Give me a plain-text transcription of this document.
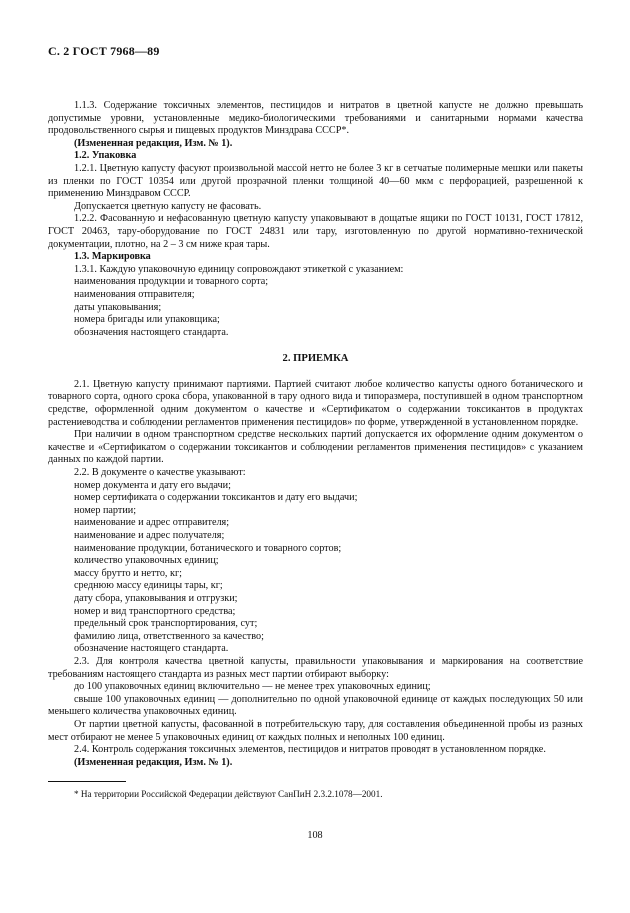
С. 2 ГОСТ 7968—89

1.1.3. Содержание токсичных элементов, пестицидов и нитратов в цветной капусте не должно превышать допустимые уровни, установленные медико-биологическими требованиями и санитарными нормами качества продовольственного сырья и пищевых продуктов Минздрава СССР*.

(Измененная редакция, Изм. № 1).

1.2. Упаковка

1.2.1. Цветную капусту фасуют произвольной массой нетто не более 3 кг в сетчатые полимерные мешки или пакеты из пленки по ГОСТ 10354 или другой прозрачной пленки толщиной 40—60 мкм с перфорацией, разрешенной к применению Минздравом СССР.

Допускается цветную капусту не фасовать.

1.2.2. Фасованную и нефасованную цветную капусту упаковывают в дощатые ящики по ГОСТ 10131, ГОСТ 17812, ГОСТ 20463, тару-оборудование по ГОСТ 24831 или тару, изготовленную по другой нормативно-технической документации, плотно, на 2 – 3 см ниже края тары.

1.3. Маркировка

1.3.1. Каждую упаковочную единицу сопровождают этикеткой с указанием:

наименования продукции и товарного сорта;

наименования отправителя;

даты упаковывания;

номера бригады или упаковщика;

обозначения настоящего стандарта.

2. ПРИЕМКА

2.1. Цветную капусту принимают партиями. Партией считают любое количество капусты одного ботанического и товарного сорта, одного срока сбора, упакованной в тару одного вида и типоразмера, поступившей в одном транспортном средстве, оформленной одним документом о качестве и «Сертификатом о содержании токсикантов в продуктах растениеводства и соблюдении регламентов применения пестицидов» по форме, утвержденной в установленном порядке.

При наличии в одном транспортном средстве нескольких партий допускается их оформление одним документом о качестве и «Сертификатом о содержании токсикантов и соблюдении регламентов применения пестицидов» с указанием данных по каждой партии.

2.2. В документе о качестве указывают:

номер документа и дату его выдачи;

номер сертификата о содержании токсикантов и дату его выдачи;

номер партии;

наименование и адрес отправителя;

наименование и адрес получателя;

наименование продукции, ботанического и товарного сортов;

количество упаковочных единиц;

массу брутто и нетто, кг;

среднюю массу единицы тары, кг;

дату сбора, упаковывания и отгрузки;

номер и вид транспортного средства;

предельный срок транспортирования, сут;

фамилию лица, ответственного за качество;

обозначение настоящего стандарта.

2.3. Для контроля качества цветной капусты, правильности упаковывания и маркирования на соответствие требованиям настоящего стандарта из разных мест партии отбирают выборку:

до 100 упаковочных единиц включительно — не менее трех упаковочных единиц;

свыше 100 упаковочных единиц — дополнительно по одной упаковочной единице от каждых последующих 50 или меньшего количества упаковочных единиц.

От партии цветной капусты, фасованной в потребительскую тару, для составления объединенной пробы из разных мест отбирают не менее 5 упаковочных единиц от каждых полных и неполных 100 единиц.

2.4. Контроль содержания токсичных элементов, пестицидов и нитратов проводят в установленном порядке.

(Измененная редакция, Изм. № 1).

* На территории Российской Федерации действуют СанПиН 2.3.2.1078—2001.

108
